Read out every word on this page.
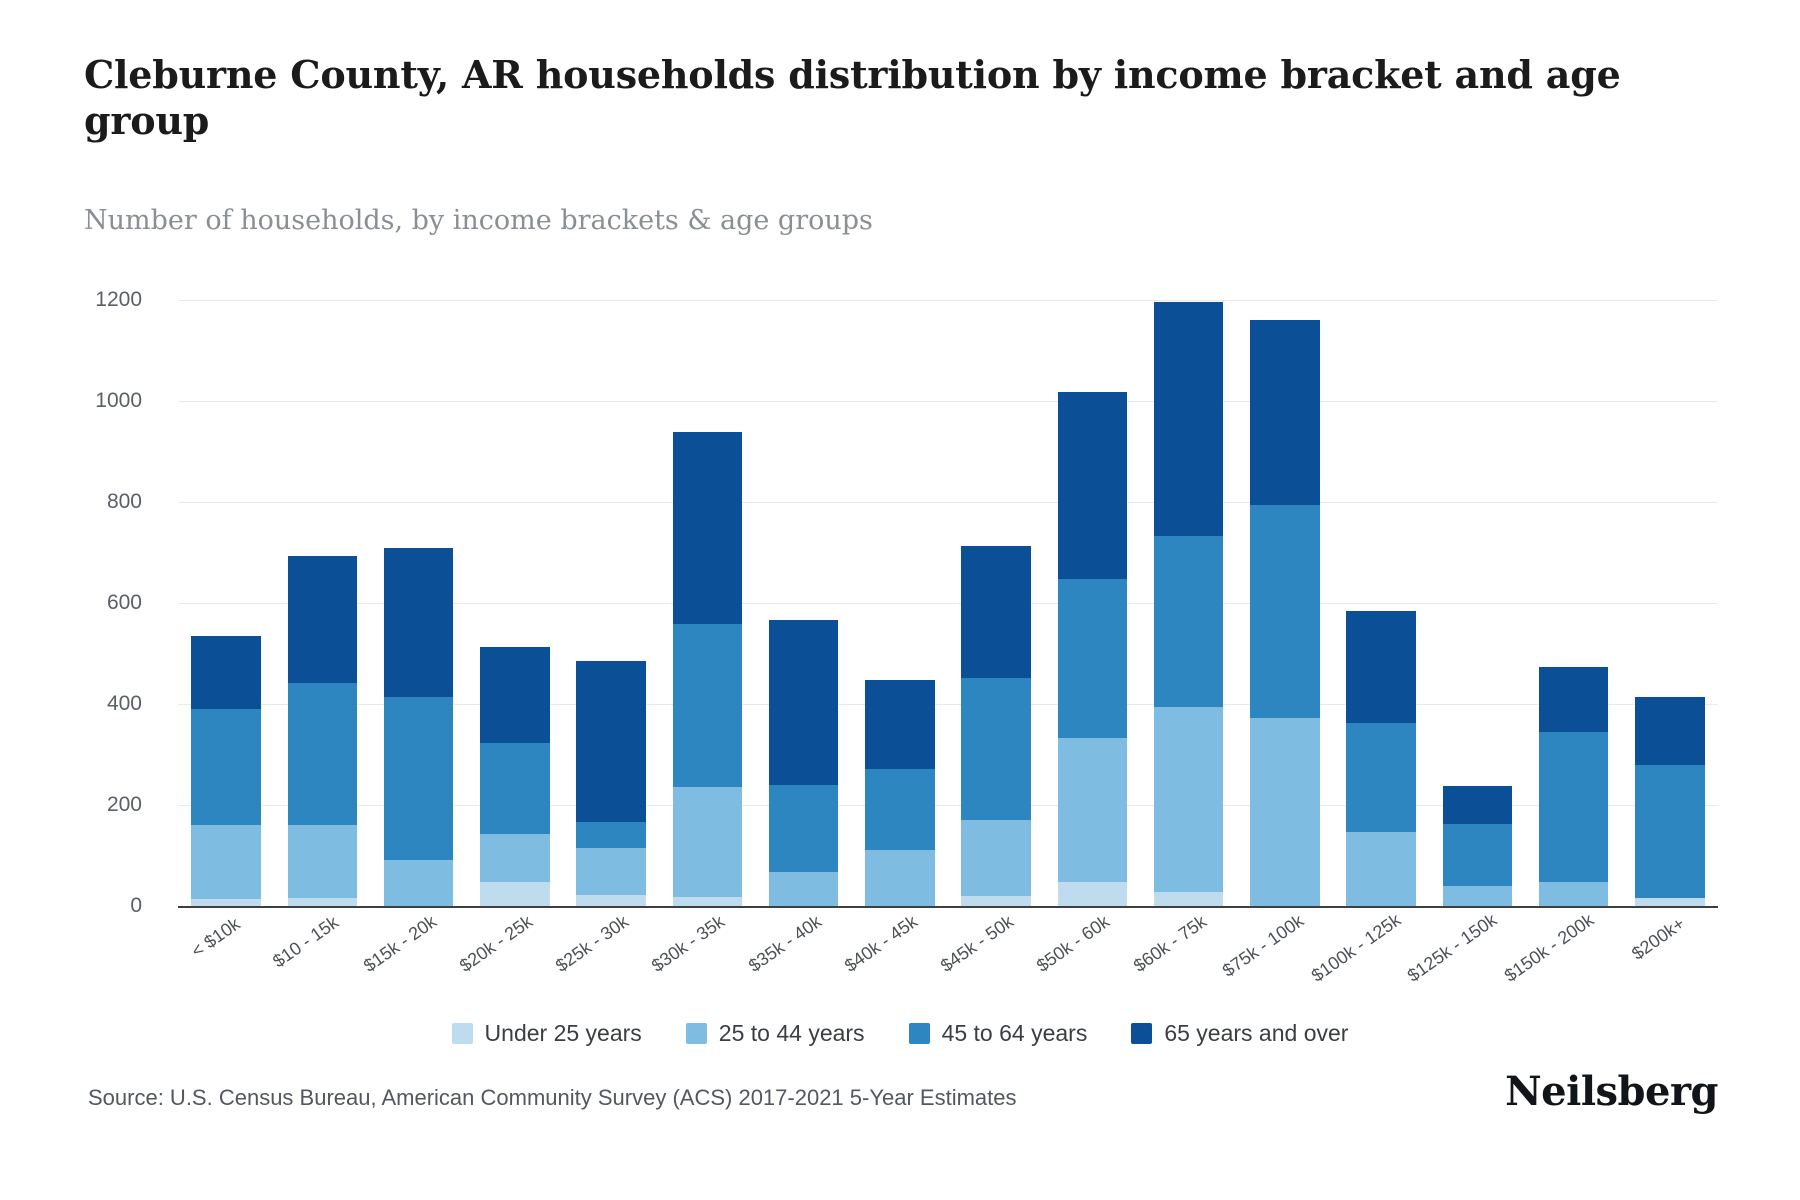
Cleburne County, AR households distribution by income bracket and age group
Number of households, by income brackets & age groups
0
200
400
600
800
1000
1200
< $10k $10 - 15k $15k - 20k $20k - 25k $25k - 30k $30k - 35k $35k - 40k $40k - 45k $45k - 50k $50k - 60k $60k - 75k $75k - 100k $100k - 125k $125k - 150k $150k - 200k $200k+
Under 25 years	25 to 44 years	45 to 64 years	65 years and over
Source: U.S. Census Bureau, American Community Survey (ACS) 2017-2021 5-Year Estimates	Neilsberg
